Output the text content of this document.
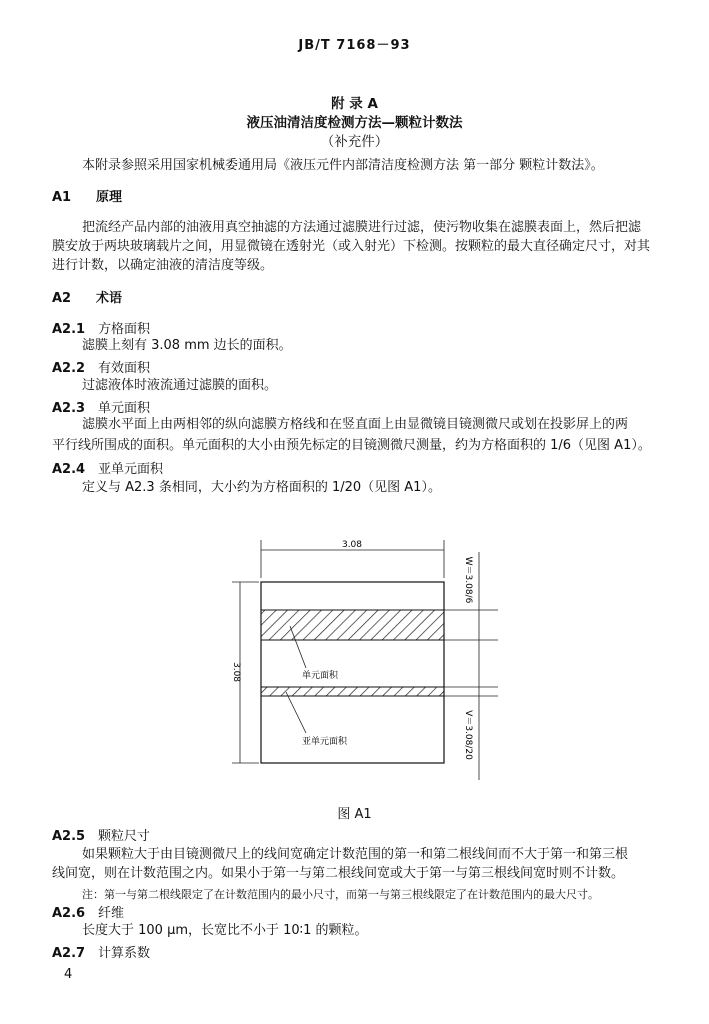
JB/T 7168－93
附 录 A
液压油清洁度检测方法—颗粒计数法
（补充件）
本附录参照采用国家机械委通用局《液压元件内部清洁度检测方法 第一部分 颗粒计数法》。
A1 原理
把流经产品内部的油液用真空抽滤的方法通过滤膜进行过滤，使污物收集在滤膜表面上，然后把滤
膜安放于两块玻璃载片之间，用显微镜在透射光（或入射光）下检测。按颗粒的最大直径确定尺寸，对其
进行计数，以确定油液的清洁度等级。
A2 术语
A2.1 方格面积
滤膜上刻有 3.08 mm 边长的面积。
A2.2 有效面积
过滤液体时液流通过滤膜的面积。
A2.3 单元面积
滤膜水平面上由两相邻的纵向滤膜方格线和在竖直面上由显微镜目镜测微尺或划在投影屏上的两
平行线所围成的面积。单元面积的大小由预先标定的目镜测微尺测量，约为方格面积的 1/6（见图 A1）。
A2.4 亚单元面积
定义与 A2.3 条相同，大小约为方格面积的 1/20（见图 A1）。
3.08
3.08
W＝3.08/6
V＝3.08/20
单元面积
亚单元面积
图 A1
A2.5 颗粒尺寸
如果颗粒大于由目镜测微尺上的线间宽确定计数范围的第一和第二根线间而不大于第一和第三根
线间宽，则在计数范围之内。如果小于第一与第二根线间宽或大于第一与第三根线间宽时则不计数。
注：第一与第二根线限定了在计数范围内的最小尺寸，而第一与第三根线限定了在计数范围内的最大尺寸。
A2.6 纤维
长度大于 100 μm，长宽比不小于 10∶1 的颗粒。
A2.7 计算系数
4
